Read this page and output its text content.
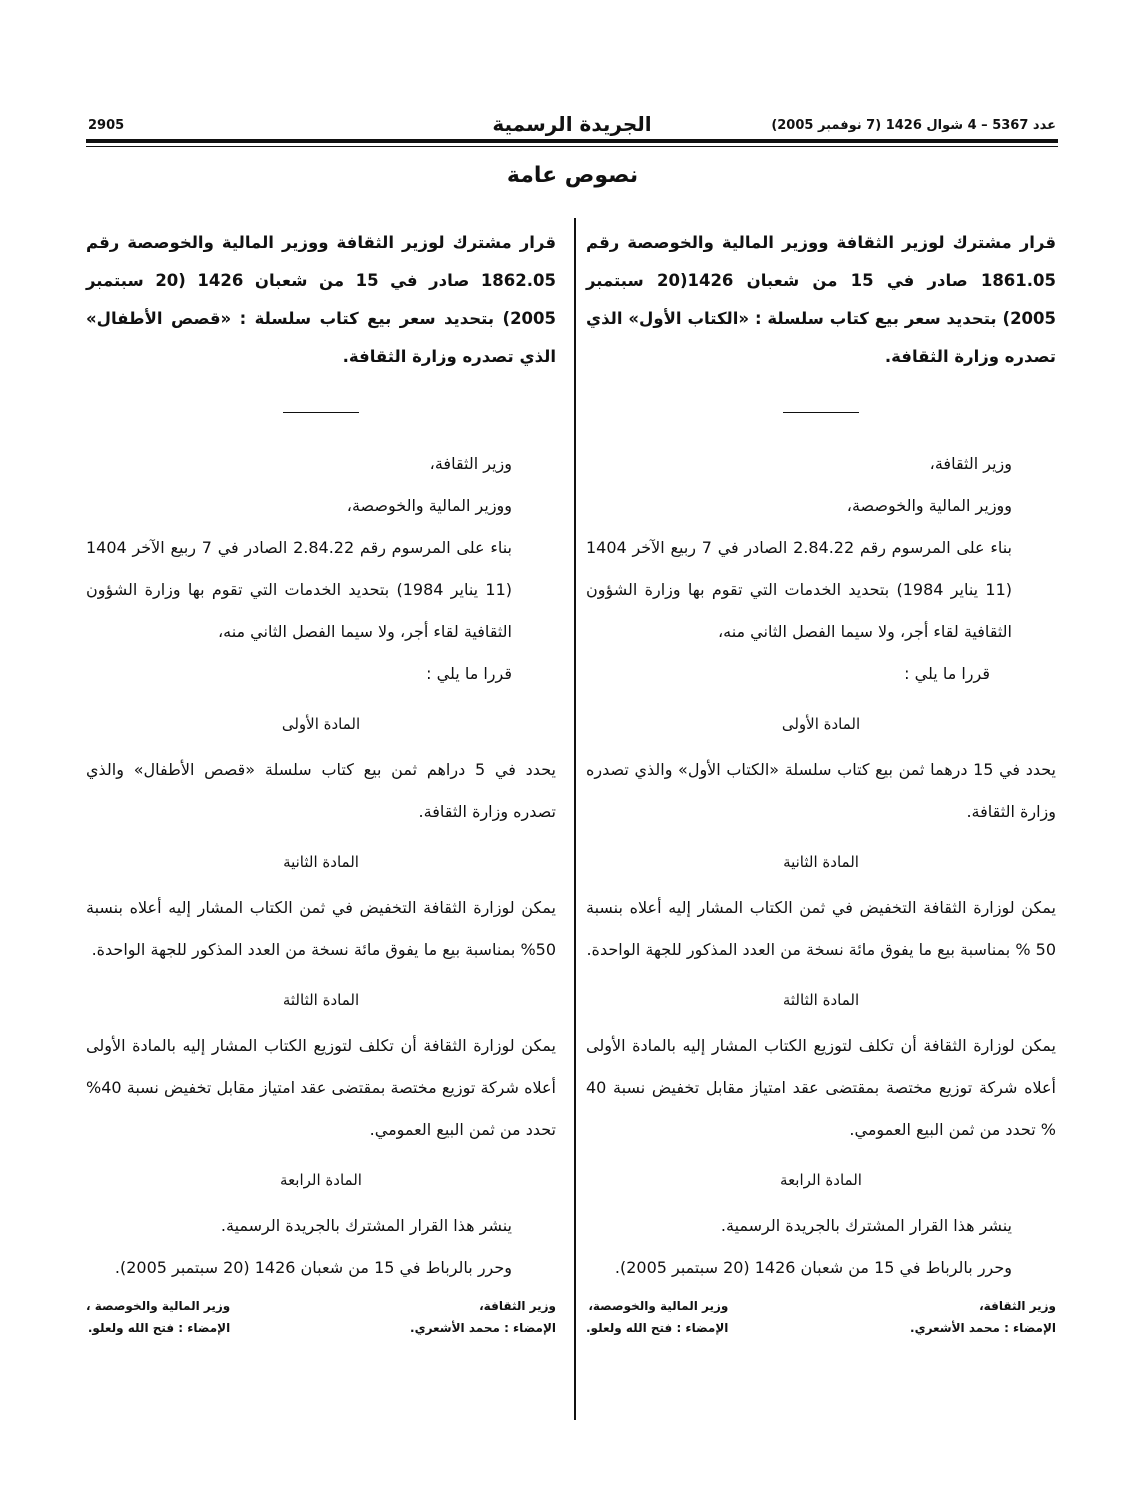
عدد 5367 – 4 شوال 1426 (7 نوفمبر 2005)
الجريدة الرسمية
2905
نصوص عامة

قرار مشترك لوزير الثقافة ووزير المالية والخوصصة رقم 1861.05 صادر في 15 من شعبان 1426(20 سبتمبر 2005) بتحديد سعر بيع كتاب سلسلة : «الكتاب الأول» الذي تصدره وزارة الثقافة.

وزير الثقافة،

ووزير المالية والخوصصة،

بناء على المرسوم رقم 2.84.22 الصادر في 7 ربيع الآخر 1404 (11 يناير 1984) بتحديد الخدمات التي تقوم بها وزارة الشؤون الثقافية لقاء أجر، ولا سيما الفصل الثاني منه،

قررا ما يلي :

المادة الأولى

يحدد في 15 درهما ثمن بيع كتاب سلسلة «الكتاب الأول» والذي تصدره وزارة الثقافة.

المادة الثانية

يمكن لوزارة الثقافة التخفيض في ثمن الكتاب المشار إليه أعلاه بنسبة 50 % بمناسبة بيع ما يفوق مائة نسخة من العدد المذكور للجهة الواحدة.

المادة الثالثة

يمكن لوزارة الثقافة أن تكلف لتوزيع الكتاب المشار إليه بالمادة الأولى أعلاه شركة توزيع مختصة بمقتضى عقد امتياز مقابل تخفيض نسبة 40 % تحدد من ثمن البيع العمومي.

المادة الرابعة

ينشر هذا القرار المشترك بالجريدة الرسمية.

وحرر بالرباط في 15 من شعبان 1426 (20 سبتمبر 2005).

وزير الثقافة،
الإمضاء : محمد الأشعري.
وزير المالية والخوصصة،
الإمضاء : فتح الله ولعلو.

قرار مشترك لوزير الثقافة ووزير المالية والخوصصة رقم 1862.05 صادر في 15 من شعبان 1426 (20 سبتمبر 2005) بتحديد سعر بيع كتاب سلسلة : «قصص الأطفال» الذي تصدره وزارة الثقافة.

وزير الثقافة،

ووزير المالية والخوصصة،

بناء على المرسوم رقم 2.84.22 الصادر في 7 ربيع الآخر 1404 (11 يناير 1984) بتحديد الخدمات التي تقوم بها وزارة الشؤون الثقافية لقاء أجر، ولا سيما الفصل الثاني منه،

قررا ما يلي :

المادة الأولى

يحدد في 5 دراهم ثمن بيع كتاب سلسلة «قصص الأطفال» والذي تصدره وزارة الثقافة.

المادة الثانية

يمكن لوزارة الثقافة التخفيض في ثمن الكتاب المشار إليه أعلاه بنسبة 50% بمناسبة بيع ما يفوق مائة نسخة من العدد المذكور للجهة الواحدة.

المادة الثالثة

يمكن لوزارة الثقافة أن تكلف لتوزيع الكتاب المشار إليه بالمادة الأولى أعلاه شركة توزيع مختصة بمقتضى عقد امتياز مقابل تخفيض نسبة 40% تحدد من ثمن البيع العمومي.

المادة الرابعة

ينشر هذا القرار المشترك بالجريدة الرسمية.

وحرر بالرباط في 15 من شعبان 1426 (20 سبتمبر 2005).

وزير الثقافة،
الإمضاء : محمد الأشعري.
وزير المالية والخوصصة ،
الإمضاء : فتح الله ولعلو.
